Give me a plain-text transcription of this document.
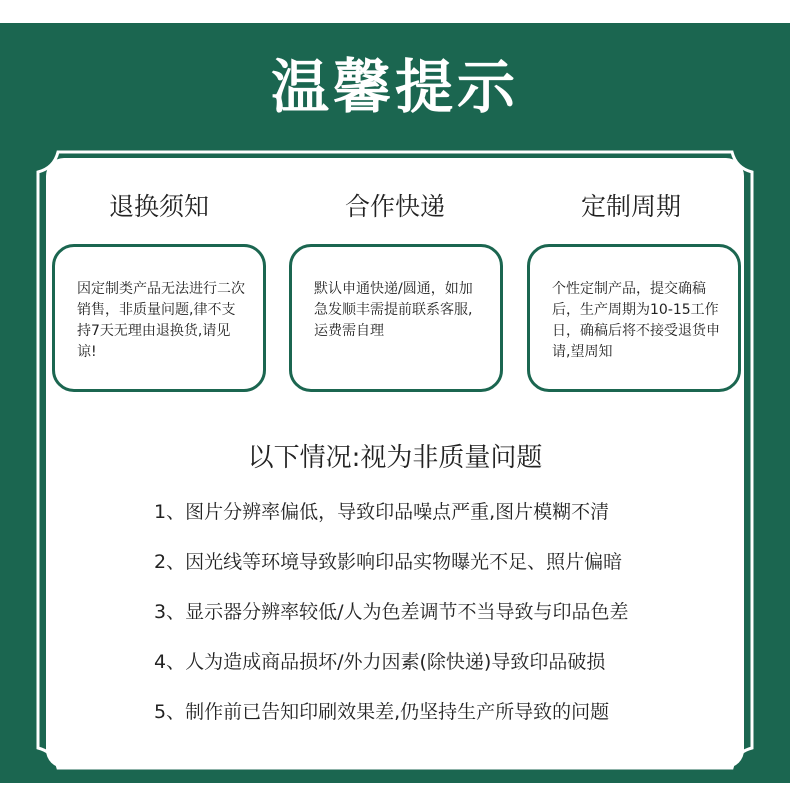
温馨提示
退换须知	合作快递	定制周期
因定制类产品无法进行二次销售，非质量问题,律不支持7天无理由退换货,请见谅!
默认申通快递/圆通，如加急发顺丰需提前联系客服,运费需自理
个性定制产品，提交确稿后，生产周期为10-15工作日，确稿后将不接受退货申请,望周知
以下情况:视为非质量问题
1、图片分辨率偏低，导致印品噪点严重,图片模糊不清
2、因光线等环境导致影响印品实物曝光不足、照片偏暗
3、显示器分辨率较低/人为色差调节不当导致与印品色差
4、人为造成商品损坏/外力因素(除快递)导致印品破损
5、制作前已告知印刷效果差,仍坚持生产所导致的问题
